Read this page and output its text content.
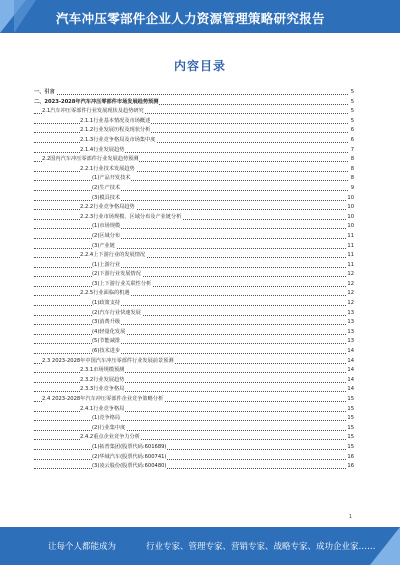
汽车冲压零部件企业人力资源管理策略研究报告
内容目录
一、引言	5
二、2023-2028年汽车冲压零部件市场发展趋势预测	5
2.1汽车冲压零部件行业发展现状及趋势研究	5
2.1.1行业基本情况及市场概述	5
2.1.2行业发展历程及现状分析	6
2.1.3行业竞争格局及市场集中度	6
2.1.4行业发展趋势	7
2.2国内汽车冲压零部件行业发展趋势预测	8
2.2.1行业技术发展趋势	8
(1)产品开发技术	8
(2)生产技术	9
(3)模具技术	10
2.2.2行业竞争格局趋势	10
2.2.3行业市场规模、区域分布及产业链分析	10
(1)市场规模	10
(2)区域分布	11
(3)产业链	11
2.2.4上下游行业的发展情况	11
(1)上游行业	11
(2)下游行业发展情况	12
(3)上下游行业关联性分析	12
2.2.5行业面临的机遇	12
(1)政策支持	12
(2)汽车行业快速发展	13
(3)消费升级	13
(4)轻量化发展	13
(5)节能减排	13
(6)技术进步	14
2.3 2023-2028年中国汽车冲压零部件行业发展前景预测	14
2.3.1市场规模预测	14
2.3.2行业发展趋势	14
2.3.3行业竞争格局	14
2.4 2023-2028年汽车冲压零部件企业竞争策略分析	15
2.4.1行业竞争格局	15
(1)竞争格局	15
(2)行业集中度	15
2.4.2重点企业竞争力分析	15
(1)拓普集团(股票代码:601689)	15
(2)华域汽车(股票代码:600741)	16
(3)凌云股份(股票代码:600480)	16
1
让每个人都能成为	行业专家、管理专家、营销专家、战略专家、成功企业家……
